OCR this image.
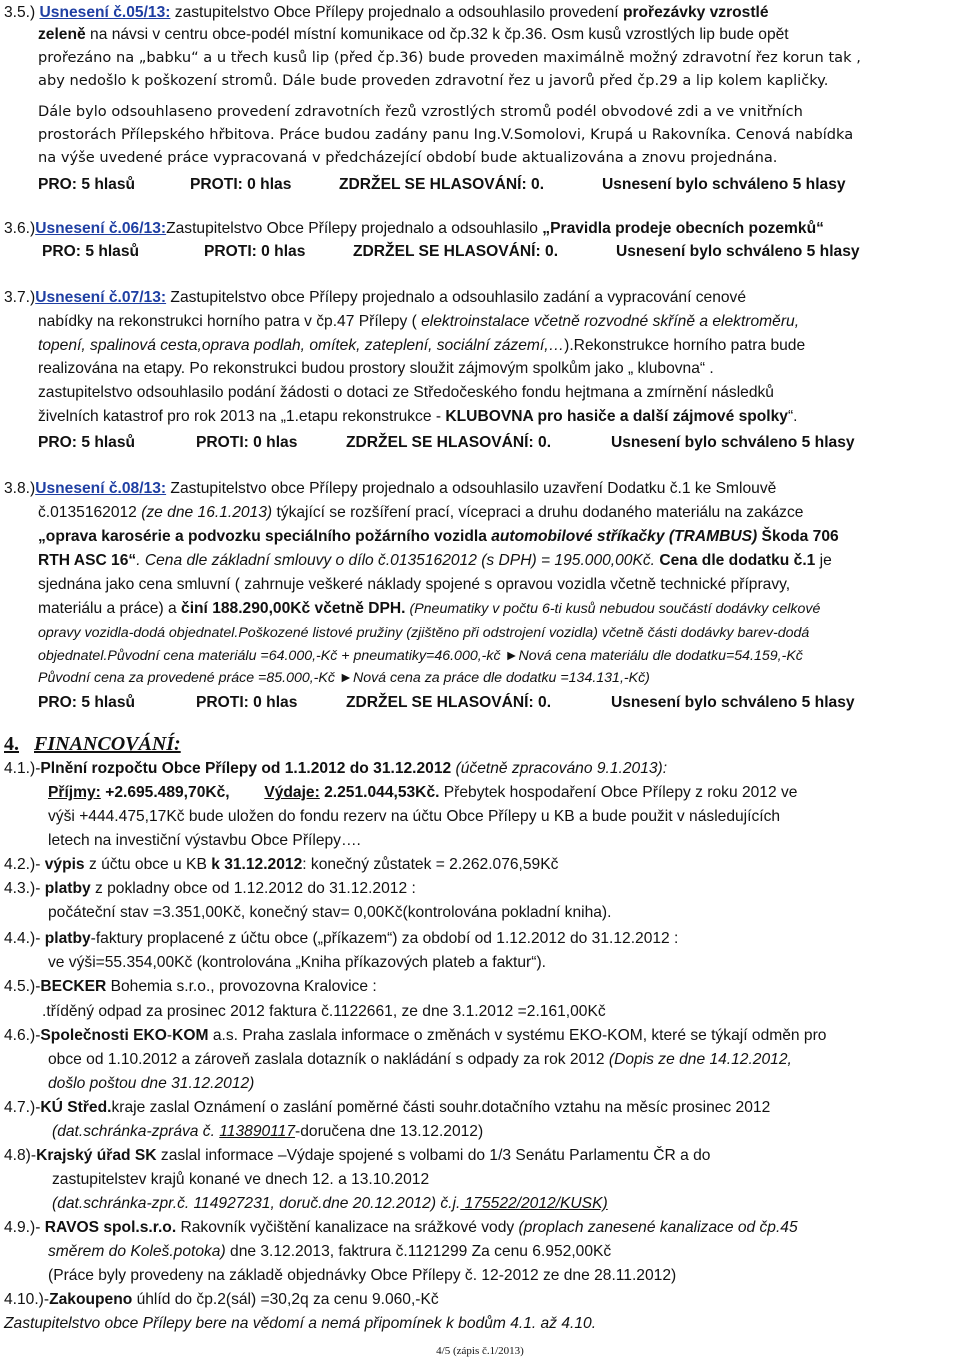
3.5.) Usnesení č.05/13: zastupitelstvo Obce Přílepy projednalo a odsouhlasilo provedení prořezávky vzrostlé
zeleně na návsi v centru obce-podél místní komunikace od čp.32 k čp.36. Osm kusů vzrostlých lip bude opět
prořezáno na „babku“ a u třech kusů lip (před čp.36) bude proveden maximálně možný zdravotní řez korun tak ,
aby nedošlo k poškození stromů. Dále bude proveden zdravotní řez u javorů před čp.29 a lip kolem kapličky.
Dále bylo odsouhlaseno provedení zdravotních řezů vzrostlých stromů podél obvodové zdi a ve vnitřních
prostorách Přílepského hřbitova. Práce budou zadány panu Ing.V.Somolovi, Krupá u Rakovníka. Cenová nabídka
na výše uvedené práce vypracovaná v předcházející období bude aktualizována a znovu projednána.
PRO: 5 hlasů	PROTI: 0 hlas	ZDRŽEL SE HLASOVÁNÍ: 0.	Usnesení bylo schváleno 5 hlasy
3.6.)Usnesení č.06/13:Zastupitelstvo Obce Přílepy projednalo a odsouhlasilo „Pravidla prodeje obecních pozemků“
PRO: 5 hlasů	PROTI: 0 hlas	ZDRŽEL SE HLASOVÁNÍ: 0.	Usnesení bylo schváleno 5 hlasy
3.7.)Usnesení č.07/13: Zastupitelstvo obce Přílepy projednalo a odsouhlasilo zadání a vypracování cenové
nabídky na rekonstrukci horního patra v čp.47 Přílepy ( elektroinstalace včetně rozvodné skříně a elektroměru,
topení, spalinová cesta,oprava podlah, omítek, zateplení, sociální zázemí,…).Rekonstrukce horního patra bude
realizována na etapy. Po rekonstrukci budou prostory sloužit zájmovým spolkům jako „ klubovna“ .
zastupitelstvo odsouhlasilo podání žádosti o dotaci ze Středočeského fondu hejtmana a zmírnění následků
živelních katastrof pro rok 2013 na „1.etapu rekonstrukce - KLUBOVNA pro hasiče a další zájmové spolky“.
PRO: 5 hlasů	PROTI: 0 hlas	ZDRŽEL SE HLASOVÁNÍ: 0.	Usnesení bylo schváleno 5 hlasy
3.8.)Usnesení č.08/13: Zastupitelstvo obce Přílepy projednalo a odsouhlasilo uzavření Dodatku č.1 ke Smlouvě
č.0135162012 (ze dne 16.1.2013) týkající se rozšíření prací, vícepraci a druhu dodaného materiálu na zakázce
„oprava karosérie a podvozku speciálního požárního vozidla automobilové stříkačky (TRAMBUS) Škoda 706
RTH ASC 16“. Cena dle základní smlouvy o dílo č.0135162012 (s DPH) = 195.000,00Kč. Cena dle dodatku č.1 je
sjednána jako cena smluvní ( zahrnuje veškeré náklady spojené s opravou vozidla včetně technické přípravy,
materiálu a práce) a činí 188.290,00Kč včetně DPH. (Pneumatiky v počtu 6-ti kusů nebudou součástí dodávky celkové
opravy vozidla-dodá objednatel.Poškozené listové pružiny (zjištěno při odstrojení vozidla) včetně části dodávky barev-dodá
objednatel.Původní cena materiálu =64.000,-Kč + pneumatiky=46.000,-kč ►Nová cena materiálu dle dodatku=54.159,-Kč
Původní cena za provedené práce =85.000,-Kč ►Nová cena za práce dle dodatku =134.131,-Kč)
PRO: 5 hlasů	PROTI: 0 hlas	ZDRŽEL SE HLASOVÁNÍ: 0.	Usnesení bylo schváleno 5 hlasy
4. FINANCOVÁNÍ:
4.1.)-Plnění rozpočtu Obce Přílepy od 1.1.2012 do 31.12.2012 (účetně zpracováno 9.1.2013):
Příjmy: +2.695.489,70Kč, Výdaje: 2.251.044,53Kč. Přebytek hospodaření Obce Přílepy z roku 2012 ve
výši +444.475,17Kč bude uložen do fondu rezerv na účtu Obce Přílepy u KB a bude použit v následujících
letech na investiční výstavbu Obce Přílepy….
4.2.)- výpis z účtu obce u KB k 31.12.2012: konečný zůstatek = 2.262.076,59Kč
4.3.)- platby z pokladny obce od 1.12.2012 do 31.12.2012 :
počáteční stav =3.351,00Kč, konečný stav= 0,00Kč(kontrolována pokladní kniha).
4.4.)- platby-faktury proplacené z účtu obce („příkazem“) za období od 1.12.2012 do 31.12.2012 :
ve výši=55.354,00Kč (kontrolována „Kniha příkazových plateb a faktur“).
4.5.)-BECKER Bohemia s.r.o., provozovna Kralovice :
.tříděný odpad za prosinec 2012 faktura č.1122661, ze dne 3.1.2012 =2.161,00Kč
4.6.)-Společnosti EKO-KOM a.s. Praha zaslala informace o změnách v systému EKO-KOM, které se týkají odměn pro
obce od 1.10.2012 a zároveň zaslala dotazník o nakládání s odpady za rok 2012 (Dopis ze dne 14.12.2012,
došlo poštou dne 31.12.2012)
4.7.)-KÚ Střed.kraje zaslal Oznámení o zaslání poměrné části souhr.dotačního vztahu na měsíc prosinec 2012
(dat.schránka-zpráva č. 113890117-doručena dne 13.12.2012)
4.8)-Krajský úřad SK zaslal informace –Výdaje spojené s volbami do 1/3 Senátu Parlamentu ČR a do
zastupitelstev krajů konané ve dnech 12. a 13.10.2012
(dat.schránka-zpr.č. 114927231, doruč.dne 20.12.2012) č.j. 175522/2012/KUSK)
4.9.)- RAVOS spol.s.r.o. Rakovník vyčištění kanalizace na srážkové vody (proplach zanesené kanalizace od čp.45
směrem do Koleš.potoka) dne 3.12.2013, faktrura č.1121299 Za cenu 6.952,00Kč
(Práce byly provedeny na základě objednávky Obce Přílepy č. 12-2012 ze dne 28.11.2012)
4.10.)-Zakoupeno úhlíd do čp.2(sál) =30,2q za cenu 9.060,-Kč
Zastupitelstvo obce Přílepy bere na vědomí a nemá připomínek k bodům 4.1. až 4.10.
4/5 (zápis č.1/2013)
